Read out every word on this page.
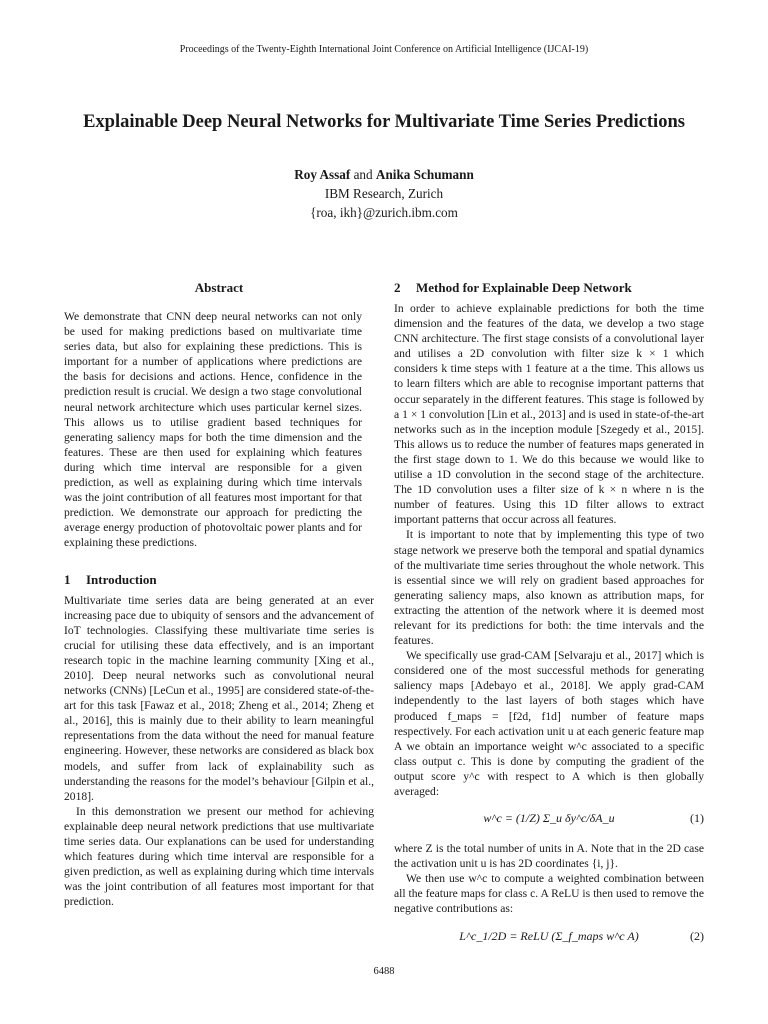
Proceedings of the Twenty-Eighth International Joint Conference on Artificial Intelligence (IJCAI-19)
Explainable Deep Neural Networks for Multivariate Time Series Predictions
Roy Assaf and Anika Schumann
IBM Research, Zurich
{roa, ikh}@zurich.ibm.com
Abstract

We demonstrate that CNN deep neural networks can not only be used for making predictions based on multivariate time series data, but also for explaining these predictions. This is important for a number of applications where predictions are the basis for decisions and actions. Hence, confidence in the prediction result is crucial. We design a two stage convolutional neural network architecture which uses particular kernel sizes. This allows us to utilise gradient based techniques for generating saliency maps for both the time dimension and the features. These are then used for explaining which features during which time interval are responsible for a given prediction, as well as explaining during which time intervals was the joint contribution of all features most important for that prediction. We demonstrate our approach for predicting the average energy production of photovoltaic power plants and for explaining these predictions.

1 Introduction

Multivariate time series data are being generated at an ever increasing pace due to ubiquity of sensors and the advancement of IoT technologies. Classifying these multivariate time series is crucial for utilising these data effectively, and is an important research topic in the machine learning community [Xing et al., 2010]. Deep neural networks such as convolutional neural networks (CNNs) [LeCun et al., 1995] are considered state-of-the-art for this task [Fawaz et al., 2018; Zheng et al., 2014; Zheng et al., 2016], this is mainly due to their ability to learn meaningful representations from the data without the need for manual feature engineering. However, these networks are considered as black box models, and suffer from lack of explainability such as understanding the reasons for the model’s behaviour [Gilpin et al., 2018].

In this demonstration we present our method for achieving explainable deep neural network predictions that use multivariate time series data. Our explanations can be used for understanding which features during which time interval are responsible for a given prediction, as well as explaining during which time intervals was the joint contribution of all features most important for that prediction.

2 Method for Explainable Deep Network

In order to achieve explainable predictions for both the time dimension and the features of the data, we develop a two stage CNN architecture. The first stage consists of a convolutional layer and utilises a 2D convolution with filter size k × 1 which considers k time steps with 1 feature at a the time. This allows us to learn filters which are able to recognise important patterns that occur separately in the different features. This stage is followed by a 1 × 1 convolution [Lin et al., 2013] and is used in state-of-the-art networks such as in the inception module [Szegedy et al., 2015]. This allows us to reduce the number of features maps generated in the first stage down to 1. We do this because we would like to utilise a 1D convolution in the second stage of the architecture. The 1D convolution uses a filter size of k × n where n is the number of features. Using this 1D filter allows to extract important patterns that occur across all features.

It is important to note that by implementing this type of two stage network we preserve both the temporal and spatial dynamics of the multivariate time series throughout the whole network. This is essential since we will rely on gradient based approaches for generating saliency maps, also known as attribution maps, for extracting the attention of the network where it is deemed most relevant for its predictions for both: the time intervals and the features.

We specifically use grad-CAM [Selvaraju et al., 2017] which is considered one of the most successful methods for generating saliency maps [Adebayo et al., 2018]. We apply grad-CAM independently to the last layers of both stages which have produced f_maps = [f2d, f1d] number of feature maps respectively. For each activation unit u at each generic feature map A we obtain an importance weight w^c associated to a specific class output c. This is done by computing the gradient of the output score y^c with respect to A which is then globally averaged:

w^c = (1/Z) Σ_u δy^c/δA_u	(1)

where Z is the total number of units in A. Note that in the 2D case the activation unit u is has 2D coordinates {i, j}.

We then use w^c to compute a weighted combination between all the feature maps for class c. A ReLU is then used to remove the negative contributions as:

L^c_1/2D = ReLU (Σ_f_maps w^c A)	(2)
6488
